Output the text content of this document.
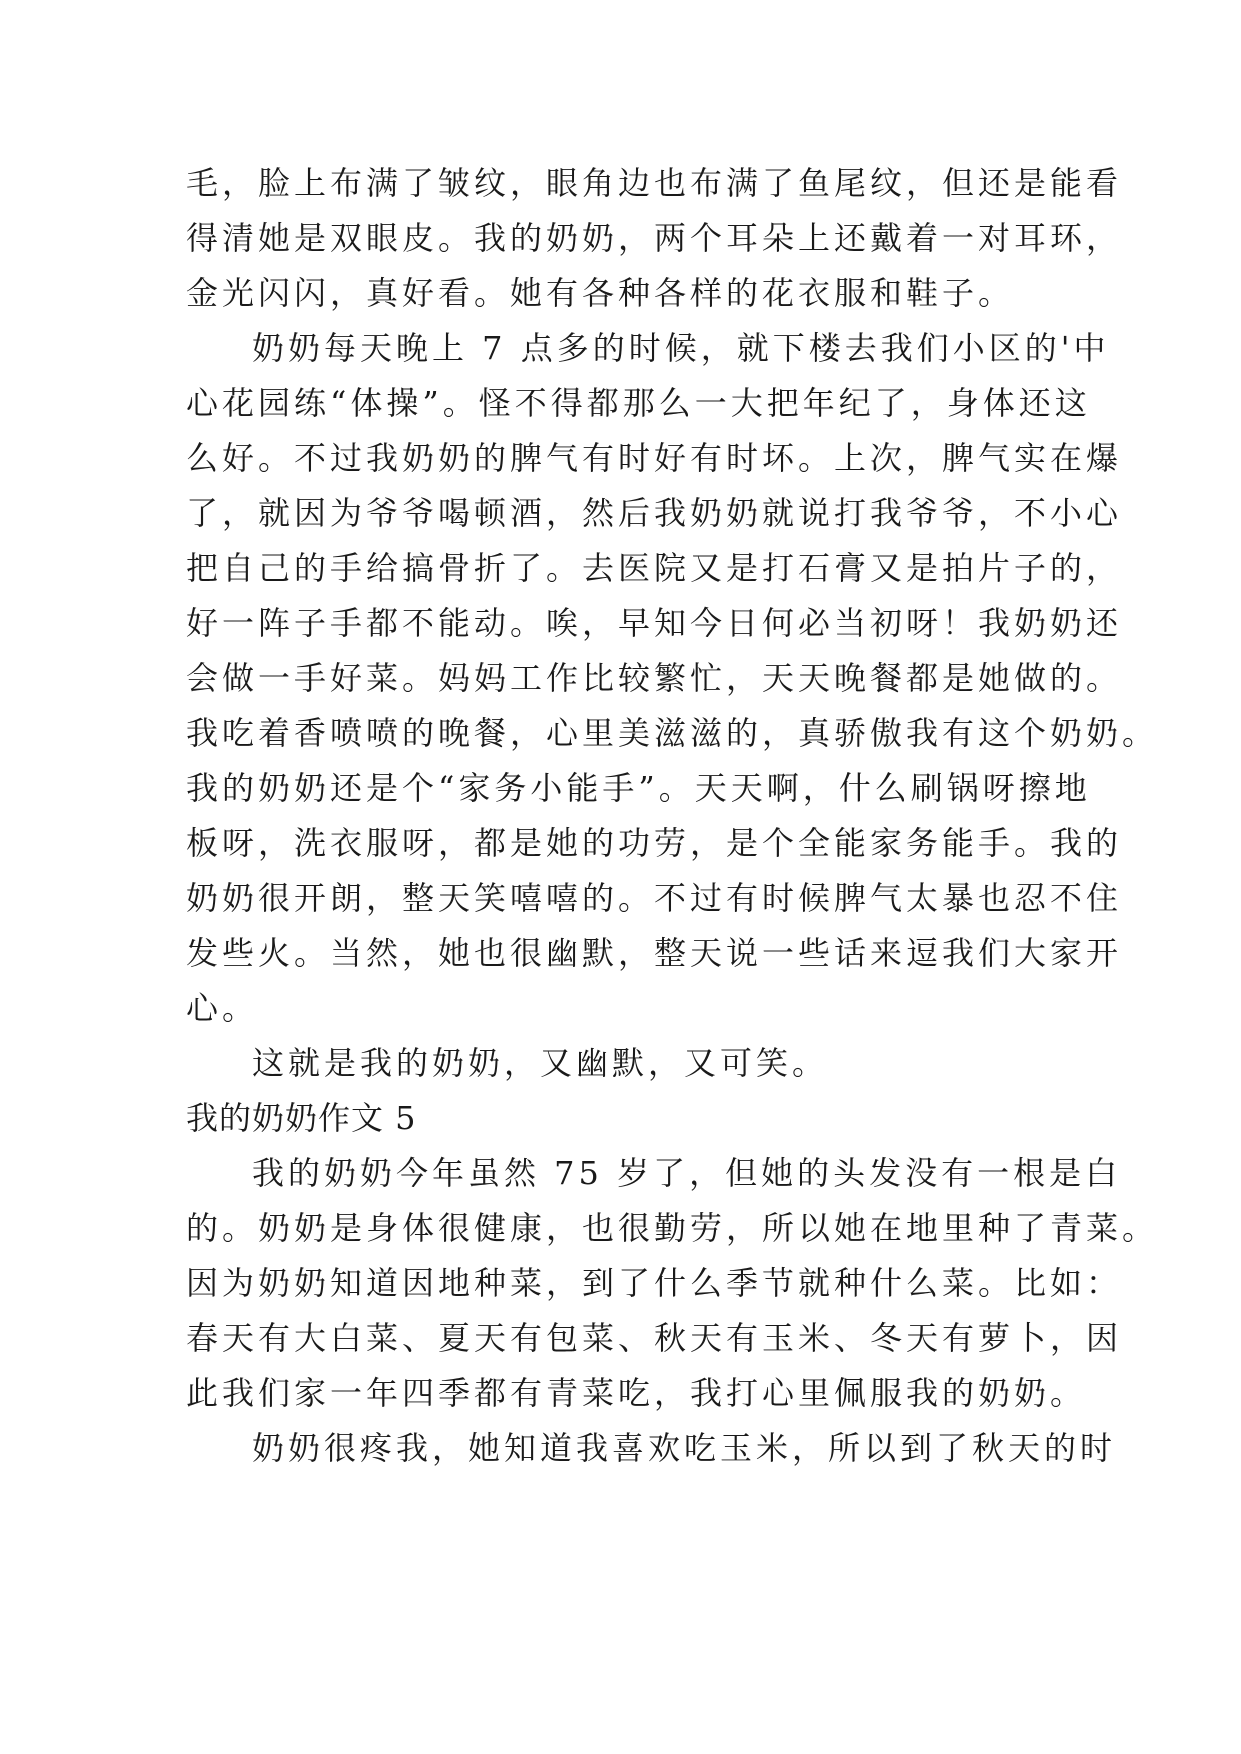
毛，脸上布满了皱纹，眼角边也布满了鱼尾纹，但还是能看
得清她是双眼皮。我的奶奶，两个耳朵上还戴着一对耳环，
金光闪闪，真好看。她有各种各样的花衣服和鞋子。
奶奶每天晚上 7 点多的时候，就下楼去我们小区的'中
心花园练“体操”。怪不得都那么一大把年纪了，身体还这
么好。不过我奶奶的脾气有时好有时坏。上次，脾气实在爆
了，就因为爷爷喝顿酒，然后我奶奶就说打我爷爷，不小心
把自己的手给搞骨折了。去医院又是打石膏又是拍片子的，
好一阵子手都不能动。唉，早知今日何必当初呀！我奶奶还
会做一手好菜。妈妈工作比较繁忙，天天晚餐都是她做的。
我吃着香喷喷的晚餐，心里美滋滋的，真骄傲我有这个奶奶。
我的奶奶还是个“家务小能手”。天天啊，什么刷锅呀擦地
板呀，洗衣服呀，都是她的功劳，是个全能家务能手。我的
奶奶很开朗，整天笑嘻嘻的。不过有时候脾气太暴也忍不住
发些火。当然，她也很幽默，整天说一些话来逗我们大家开
心。
这就是我的奶奶，又幽默，又可笑。
我的奶奶作文 5
我的奶奶今年虽然 75 岁了，但她的头发没有一根是白
的。奶奶是身体很健康，也很勤劳，所以她在地里种了青菜。
因为奶奶知道因地种菜，到了什么季节就种什么菜。比如：
春天有大白菜、夏天有包菜、秋天有玉米、冬天有萝卜，因
此我们家一年四季都有青菜吃，我打心里佩服我的奶奶。
奶奶很疼我，她知道我喜欢吃玉米，所以到了秋天的时
